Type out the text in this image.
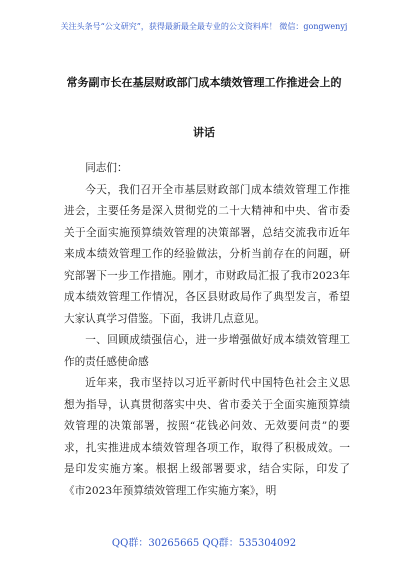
关注头条号“公文研究”，获得最新最全最专业的公文资料库！ 微信：gongwenyj
常务副市长在基层财政部门成本绩效管理工作推进会上的
讲话

同志们：

今天，我们召开全市基层财政部门成本绩效管理工作推进会，主要任务是深入贯彻党的二十大精神和中央、省市委关于全面实施预算绩效管理的决策部署，总结交流我市近年来成本绩效管理工作的经验做法，分析当前存在的问题，研究部署下一步工作措施。刚才，市财政局汇报了我市2023年成本绩效管理工作情况，各区县财政局作了典型发言，希望大家认真学习借鉴。下面，我讲几点意见。

一、回顾成绩强信心，进一步增强做好成本绩效管理工作的责任感使命感

近年来，我市坚持以习近平新时代中国特色社会主义思想为指导，认真贯彻落实中央、省市委关于全面实施预算绩效管理的决策部署，按照“花钱必问效、无效要问责”的要求，扎实推进成本绩效管理各项工作，取得了积极成效。一是印发实施方案。根据上级部署要求，结合实际，印发了《市2023年预算绩效管理工作实施方案》，明

QQ群：30265665 QQ群：535304092
